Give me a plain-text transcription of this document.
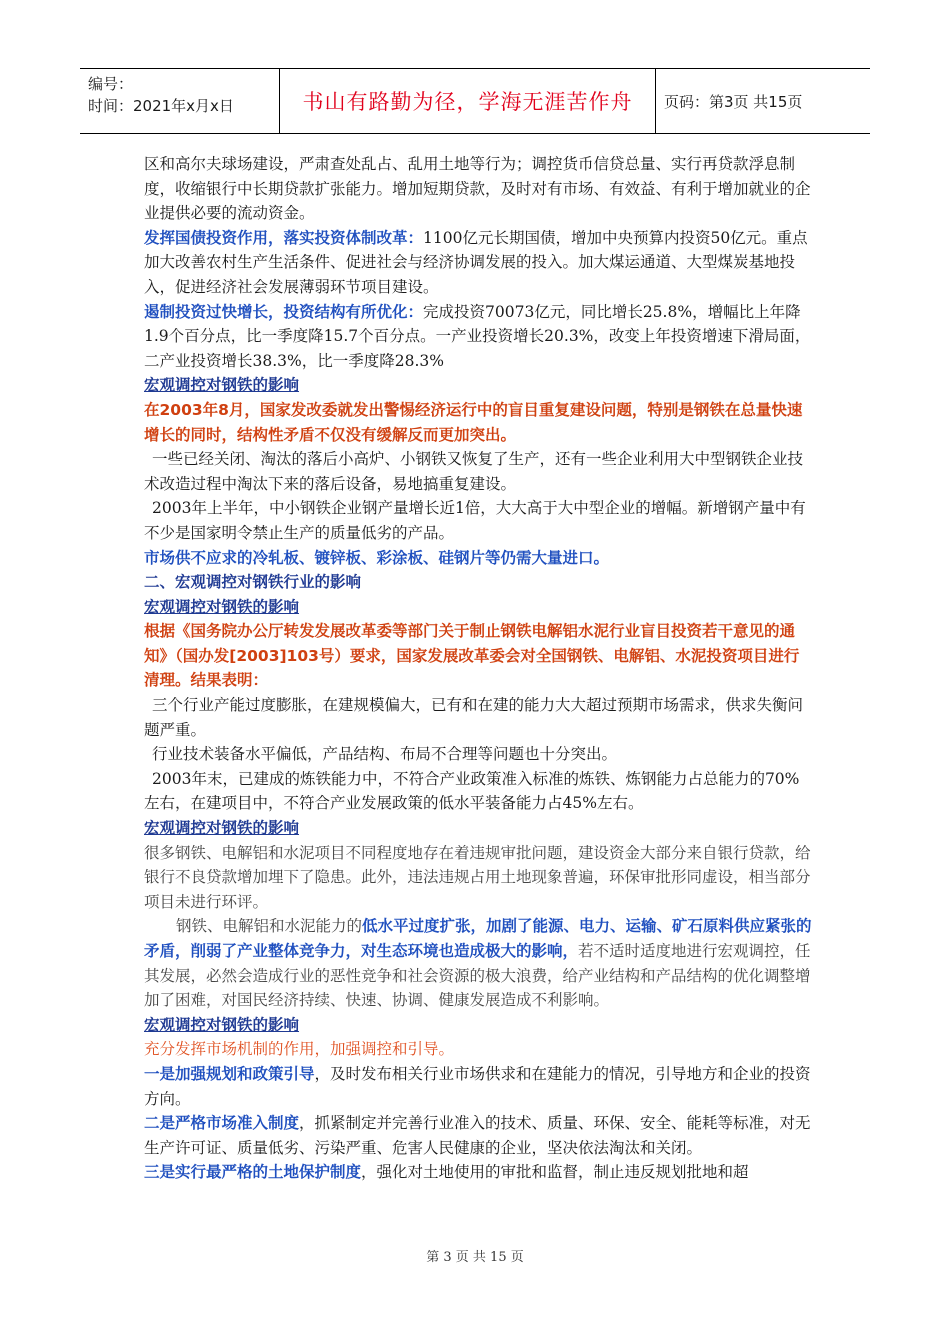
编号：
时间：2021年x月x日	书山有路勤为径，学海无涯苦作舟	页码：第3页 共15页

区和高尔夫球场建设，严肃查处乱占、乱用土地等行为；调控货币信贷总量、实行再贷款浮息制度，收缩银行中长期贷款扩张能力。增加短期贷款，及时对有市场、有效益、有利于增加就业的企业提供必要的流动资金。

发挥国债投资作用，落实投资体制改革：1100亿元长期国债，增加中央预算内投资50亿元。重点加大改善农村生产生活条件、促进社会与经济协调发展的投入。加大煤运通道、大型煤炭基地投入，促进经济社会发展薄弱环节项目建设。

遏制投资过快增长，投资结构有所优化：完成投资70073亿元，同比增长25.8%，增幅比上年降1.9个百分点，比一季度降15.7个百分点。一产业投资增长20.3%，改变上年投资增速下滑局面，二产业投资增长38.3%，比一季度降28.3%

宏观调控对钢铁的影响

在2003年8月，国家发改委就发出警惕经济运行中的盲目重复建设问题，特别是钢铁在总量快速增长的同时，结构性矛盾不仅没有缓解反而更加突出。

一些已经关闭、淘汰的落后小高炉、小钢铁又恢复了生产，还有一些企业利用大中型钢铁企业技术改造过程中淘汰下来的落后设备，易地搞重复建设。

2003年上半年，中小钢铁企业钢产量增长近1倍，大大高于大中型企业的增幅。新增钢产量中有不少是国家明令禁止生产的质量低劣的产品。

市场供不应求的冷轧板、镀锌板、彩涂板、硅钢片等仍需大量进口。

二、宏观调控对钢铁行业的影响

宏观调控对钢铁的影响

根据《国务院办公厅转发发展改革委等部门关于制止钢铁电解铝水泥行业盲目投资若干意见的通知》（国办发[2003]103号）要求，国家发展改革委会对全国钢铁、电解铝、水泥投资项目进行清理。结果表明：

三个行业产能过度膨胀，在建规模偏大，已有和在建的能力大大超过预期市场需求，供求失衡问题严重。

行业技术装备水平偏低，产品结构、布局不合理等问题也十分突出。

2003年末，已建成的炼铁能力中，不符合产业政策准入标准的炼铁、炼钢能力占总能力的70%左右，在建项目中，不符合产业发展政策的低水平装备能力占45%左右。

宏观调控对钢铁的影响

很多钢铁、电解铝和水泥项目不同程度地存在着违规审批问题，建设资金大部分来自银行贷款，给银行不良贷款增加埋下了隐患。此外，违法违规占用土地现象普遍，环保审批形同虚设，相当部分项目未进行环评。

钢铁、电解铝和水泥能力的低水平过度扩张，加剧了能源、电力、运输、矿石原料供应紧张的矛盾，削弱了产业整体竞争力，对生态环境也造成极大的影响，若不适时适度地进行宏观调控，任其发展，必然会造成行业的恶性竞争和社会资源的极大浪费，给产业结构和产品结构的优化调整增加了困难，对国民经济持续、快速、协调、健康发展造成不利影响。

宏观调控对钢铁的影响

充分发挥市场机制的作用，加强调控和引导。

一是加强规划和政策引导，及时发布相关行业市场供求和在建能力的情况，引导地方和企业的投资方向。

二是严格市场准入制度，抓紧制定并完善行业准入的技术、质量、环保、安全、能耗等标准，对无生产许可证、质量低劣、污染严重、危害人民健康的企业，坚决依法淘汰和关闭。

三是实行最严格的土地保护制度，强化对土地使用的审批和监督，制止违反规划批地和超

第 3 页 共 15 页
